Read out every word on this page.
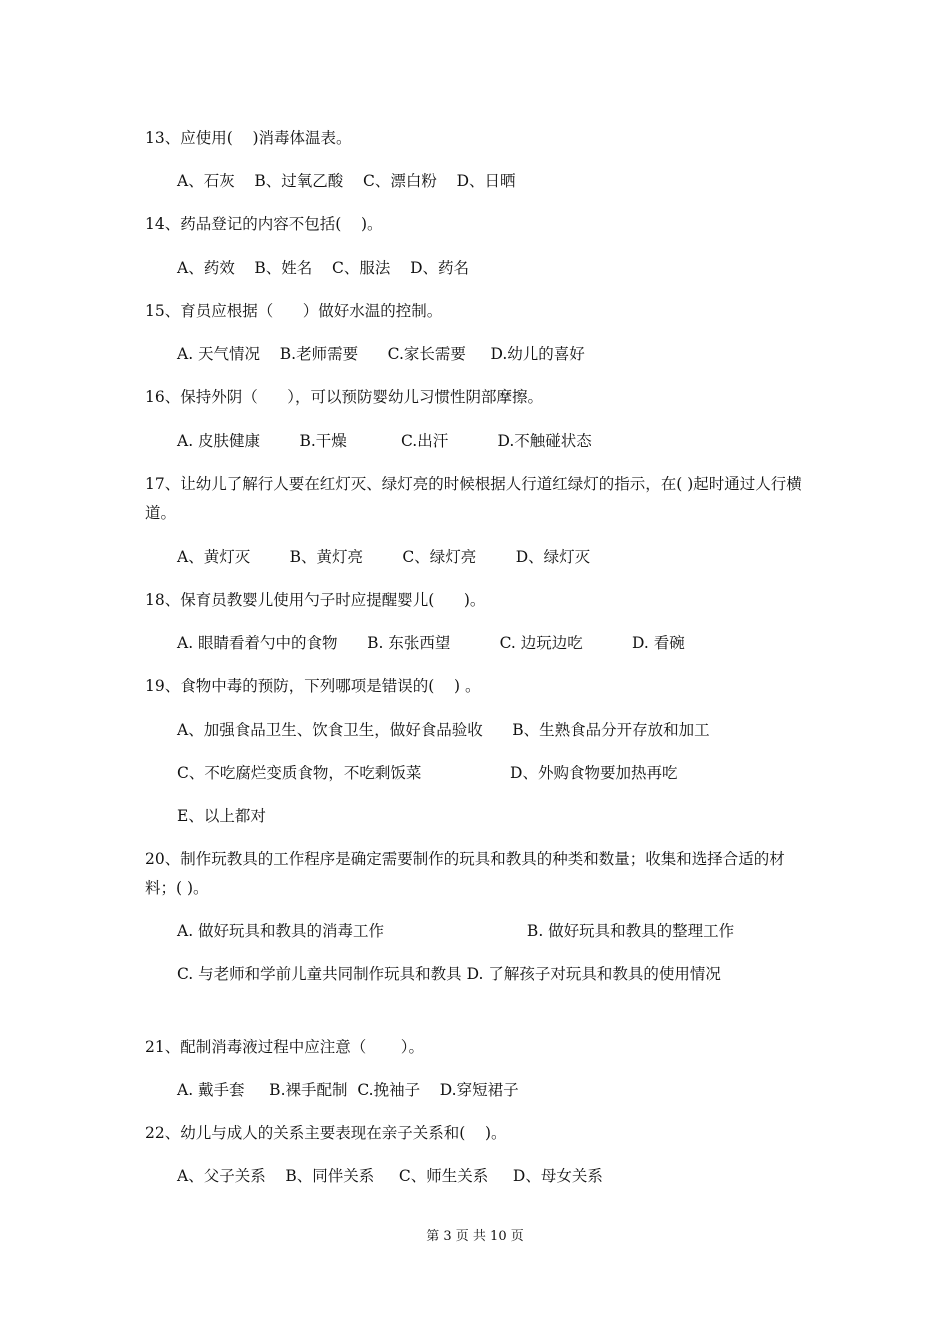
13、应使用(    )消毒体温表。
A、石灰    B、过氧乙酸    C、漂白粉    D、日晒
14、药品登记的内容不包括(    )。
A、药效    B、姓名    C、服法    D、药名
15、育员应根据（      ）做好水温的控制。
A. 天气情况    B.老师需要      C.家长需要     D.幼儿的喜好
16、保持外阴（      ），可以预防婴幼儿习惯性阴部摩擦。
A. 皮肤健康        B.干燥           C.出汗          D.不触碰状态
17、让幼儿了解行人要在红灯灭、绿灯亮的时候根据人行道红绿灯的指示，在( )起时通过人行横道。
A、黄灯灭        B、黄灯亮        C、绿灯亮        D、绿灯灭
18、保育员教婴儿使用勺子时应提醒婴儿(      )。
A. 眼睛看着勺中的食物      B. 东张西望          C. 边玩边吃          D. 看碗
19、食物中毒的预防，下列哪项是错误的(    ) 。
A、加强食品卫生、饮食卫生，做好食品验收      B、生熟食品分开存放和加工
C、不吃腐烂变质食物，不吃剩饭菜                  D、外购食物要加热再吃
E、以上都对
20、制作玩教具的工作程序是确定需要制作的玩具和教具的种类和数量；收集和选择合适的材料；( )。
A. 做好玩具和教具的消毒工作                             B. 做好玩具和教具的整理工作
C. 与老师和学前儿童共同制作玩具和教具 D. 了解孩子对玩具和教具的使用情况
21、配制消毒液过程中应注意（       ）。
A. 戴手套     B.裸手配制  C.挽袖子    D.穿短裙子
22、幼儿与成人的关系主要表现在亲子关系和(    )。
A、父子关系    B、同伴关系     C、师生关系     D、母女关系
第 3 页 共 10 页
